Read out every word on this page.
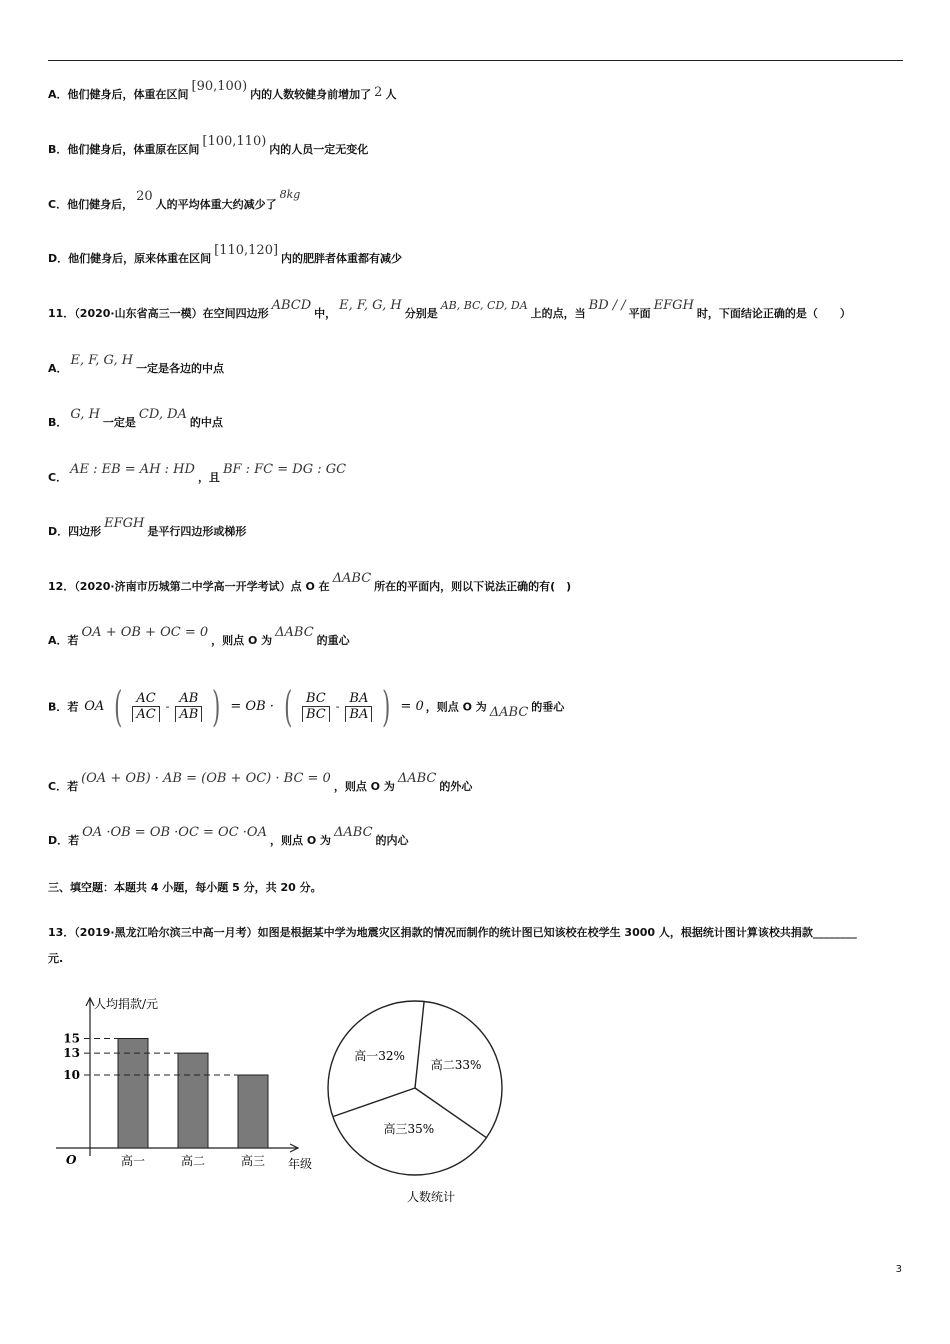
A．他们健身后，体重在区间[90,100)内的人数较健身前增加了 2 人
B．他们健身后，体重原在区间[100,110)内的人员一定无变化
C．他们健身后，20人的平均体重大约减少了8kg
D．他们健身后，原来体重在区间[110,120]内的肥胖者体重都有减少
11．（2020·山东省高三一模）在空间四边形ABCD中，E, F, G, H分别是AB, BC, CD, DA上的点，当BD / /平面EFGH时，下面结论正确的是（　　）
A．E, F, G, H一定是各边的中点
B．G, H一定是CD, DA的中点
C．AE : EB = AH : HD，且BF : FC = DG : GC
D．四边形EFGH是平行四边形或梯形
12．（2020·济南市历城第二中学高一开学考试）点 O 在ΔABC所在的平面内，则以下说法正确的有(　)
A．若OA + OB + OC = 0，则点 O 为ΔABC的重心
B．若 OA ( $\frac{AC}{AC} - \frac{AB}{AB}$ ) = OB · ( $\frac{BC}{BC} - \frac{BA}{BA}$ ) = 0 ，则点 O 为 ΔABC 的垂心
C．若(OA + OB) · AB = (OB + OC) · BC = 0，则点 O 为ΔABC的外心
D．若OA ·OB = OB ·OC = OC ·OA，则点 O 为ΔABC的内心
三、填空题：本题共 4 小题，每小题 5 分，共 20 分。
13．（2019·黑龙江哈尔滨三中高一月考）如图是根据某中学为地震灾区捐款的情况而制作的统计图已知该校在校学生 3000 人，根据统计图计算该校共捐款________
元.
人均捐款/元
年级
O	高一	高二	高三
10
13
15
高二33%
高三35%
高一32%
人数统计
3
